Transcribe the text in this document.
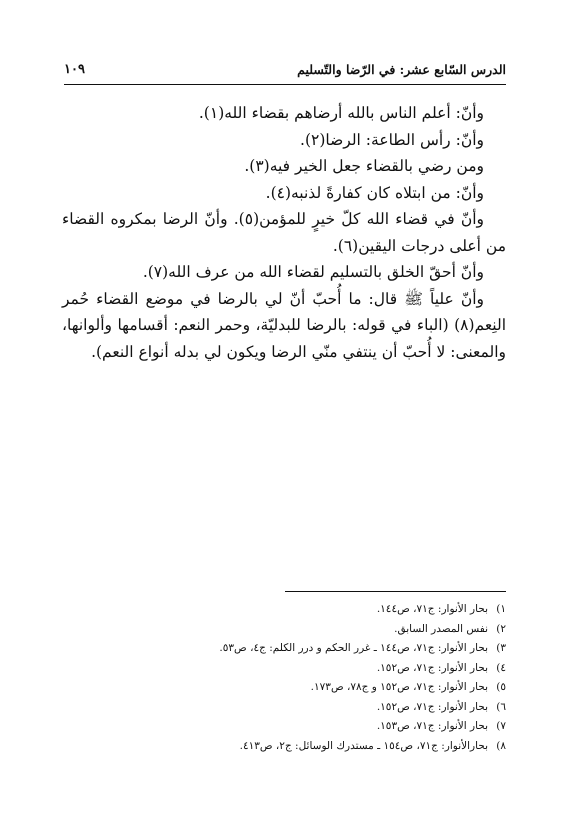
الدرس السّابع عشر: في الرّضا والتّسليم
١٠٩

وأنّ: أعلم الناس بالله أرضاهم بقضاء الله(١).

وأنّ: رأس الطاعة: الرضا(٢).

ومن رضي بالقضاء جعل الخير فيه(٣).

وأنّ: من ابتلاه كان كفارةً لذنبه(٤).

وأنّ في قضاء الله كلّ خيرٍ للمؤمن(٥). وأنّ الرضا بمكروه القضاء من أعلى درجات اليقين(٦).

وأنّ أحقّ الخلق بالتسليم لقضاء الله من عرف الله(٧).

وأنّ علياً ﷺ قال: ما أُحبّ أنّ لي بالرضا في موضع القضاء حُمر النِعم(٨) (الباء في قوله: بالرضا للبدليّة، وحمر النعم: أقسامها وألوانها، والمعنى: لا أُحبّ أن ينتفي منّي الرضا ويكون لي بدله أنواع النعم).

١)بحار الأنوار: ج٧١، ص١٤٤.
٢)نفس المصدر السابق.
٣)بحار الأنوار: ج٧١، ص١٤٤ ـ غرر الحكم و درر الكلم: ج٤، ص٥٣.
٤)بحار الأنوار: ج٧١، ص١٥٢.
٥)بحار الأنوار: ج٧١، ص١٥٢ و ج٧٨، ص١٧٣.
٦)بحار الأنوار: ج٧١، ص١٥٢.
٧)بحار الأنوار: ج٧١، ص١٥٣.
٨)بحارالأنوار: ج٧١، ص١٥٤ ـ مستدرك الوسائل: ج٢، ص٤١٣.
